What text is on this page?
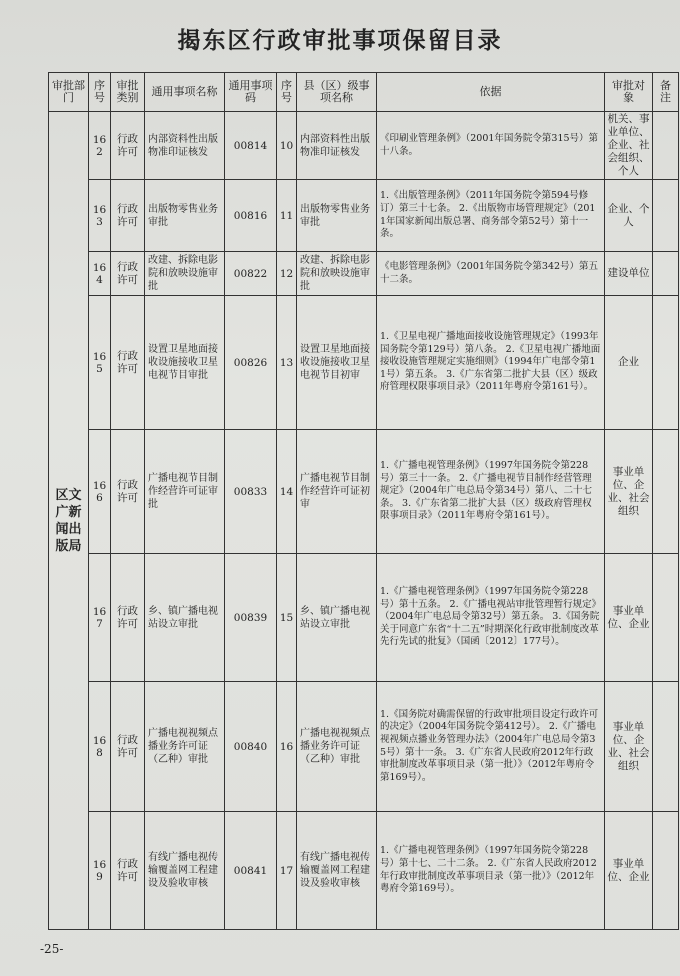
揭东区行政审批事项保留目录
审批部门	序号	审批类别	通用事项名称	通用事项码	序号	县（区）级事项名称	依据	审批对象	备注
区文广新闻出版局	162	行政许可	内部资料性出版物准印证核发	00814	10	内部资料性出版物准印证核发	《印刷业管理条例》（2001年国务院令第315号）第十八条。	机关、事业单位、企业、社会组织、个人	
	163	行政许可	出版物零售业务审批	00816	11	出版物零售业务审批	1.《出版管理条例》（2011年国务院令第594号修订）第三十七条。 2.《出版物市场管理规定》（2011年国家新闻出版总署、商务部令第52号）第十一条。	企业、个人	
	164	行政许可	改建、拆除电影院和放映设施审批	00822	12	改建、拆除电影院和放映设施审批	《电影管理条例》（2001年国务院令第342号）第五十二条。	建设单位	
	165	行政许可	设置卫星地面接收设施接收卫星电视节目审批	00826	13	设置卫星地面接收设施接收卫星电视节目初审	1.《卫星电视广播地面接收设施管理规定》（1993年国务院令第129号）第八条。 2.《卫星电视广播地面接收设施管理规定实施细则》（1994年广电部令第11号）第五条。 3.《广东省第二批扩大县（区）级政府管理权限事项目录》（2011年粤府令第161号）。	企业	
	166	行政许可	广播电视节目制作经营许可证审批	00833	14	广播电视节目制作经营许可证初审	1.《广播电视管理条例》（1997年国务院令第228号）第三十一条。 2.《广播电视节目制作经营管理规定》（2004年广电总局令第34号）第八、二十七条。 3.《广东省第二批扩大县（区）级政府管理权限事项目录》（2011年粤府令第161号）。	事业单位、企业、社会组织	
	167	行政许可	乡、镇广播电视站设立审批	00839	15	乡、镇广播电视站设立审批	1.《广播电视管理条例》（1997年国务院令第228号）第十五条。 2.《广播电视站审批管理暂行规定》（2004年广电总局令第32号）第五条。 3.《国务院关于同意广东省“十二五”时期深化行政审批制度改革先行先试的批复》（国函〔2012〕177号）。	事业单位、企业	
	168	行政许可	广播电视视频点播业务许可证（乙种）审批	00840	16	广播电视视频点播业务许可证（乙种）审批	1.《国务院对确需保留的行政审批项目设定行政许可的决定》（2004年国务院令第412号）。 2.《广播电视视频点播业务管理办法》（2004年广电总局令第35号）第十一条。 3.《广东省人民政府2012年行政审批制度改革事项目录（第一批）》（2012年粤府令第169号）。	事业单位、企业、社会组织	
	169	行政许可	有线广播电视传输覆盖网工程建设及验收审核	00841	17	有线广播电视传输覆盖网工程建设及验收审核	1.《广播电视管理条例》（1997年国务院令第228号）第十七、二十二条。 2.《广东省人民政府2012年行政审批制度改革事项目录（第一批）》（2012年粤府令第169号）。	事业单位、企业	
-25-
